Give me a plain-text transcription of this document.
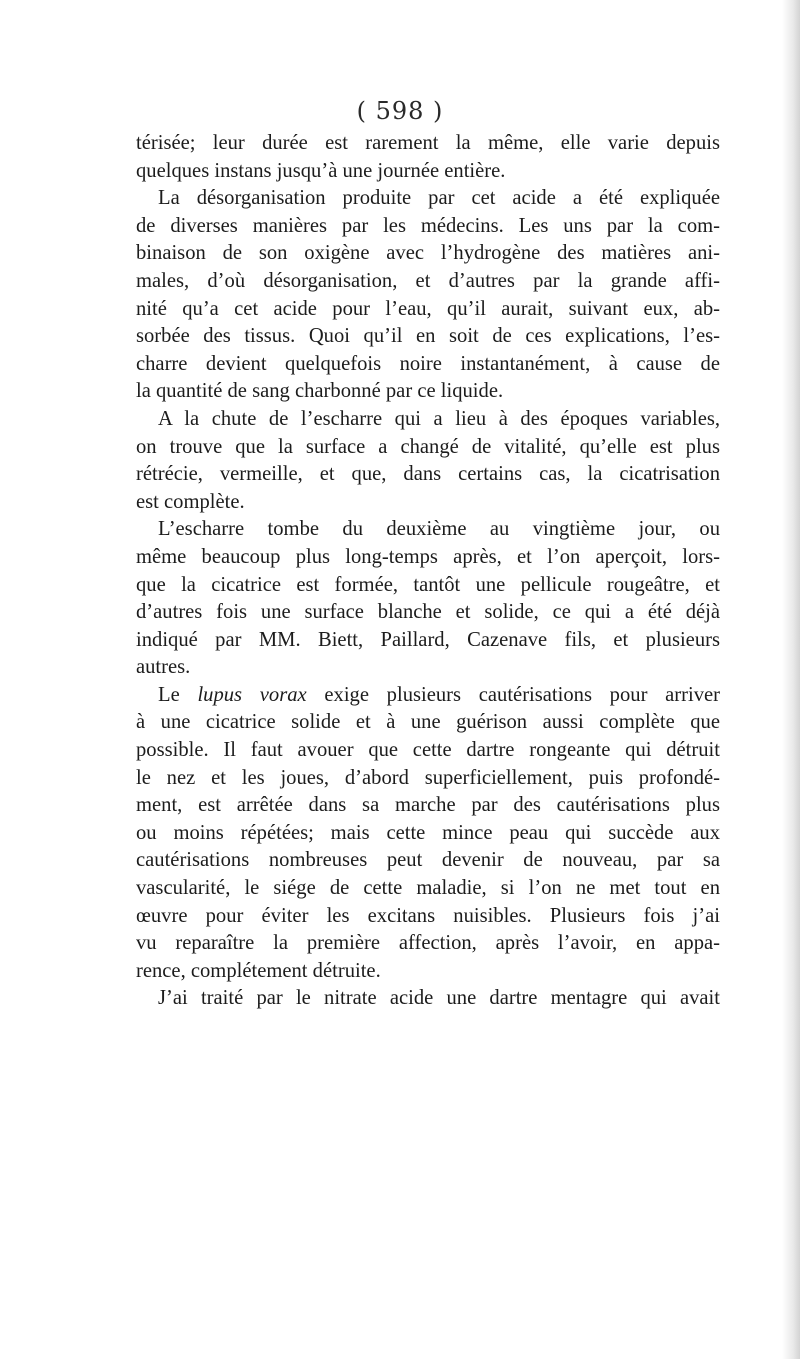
( 598 )
térisée; leur durée est rarement la même, elle varie depuis
quelques instans jusqu’à une journée entière.
La désorganisation produite par cet acide a été expliquée
de diverses manières par les médecins. Les uns par la com-
binaison de son oxigène avec l’hydrogène des matières ani-
males, d’où désorganisation, et d’autres par la grande affi-
nité qu’a cet acide pour l’eau, qu’il aurait, suivant eux, ab-
sorbée des tissus. Quoi qu’il en soit de ces explications, l’es-
charre devient quelquefois noire instantanément, à cause de
la quantité de sang charbonné par ce liquide.
A la chute de l’escharre qui a lieu à des époques variables,
on trouve que la surface a changé de vitalité, qu’elle est plus
rétrécie, vermeille, et que, dans certains cas, la cicatrisation
est complète.
L’escharre tombe du deuxième au vingtième jour, ou
même beaucoup plus long-temps après, et l’on aperçoit, lors-
que la cicatrice est formée, tantôt une pellicule rougeâtre, et
d’autres fois une surface blanche et solide, ce qui a été déjà
indiqué par MM. Biett, Paillard, Cazenave fils, et plusieurs
autres.
Le lupus vorax exige plusieurs cautérisations pour arriver
à une cicatrice solide et à une guérison aussi complète que
possible. Il faut avouer que cette dartre rongeante qui détruit
le nez et les joues, d’abord superficiellement, puis profondé-
ment, est arrêtée dans sa marche par des cautérisations plus
ou moins répétées; mais cette mince peau qui succède aux
cautérisations nombreuses peut devenir de nouveau, par sa
vascularité, le siége de cette maladie, si l’on ne met tout en
œuvre pour éviter les excitans nuisibles. Plusieurs fois j’ai
vu reparaître la première affection, après l’avoir, en appa-
rence, complétement détruite.
J’ai traité par le nitrate acide une dartre mentagre qui avait
